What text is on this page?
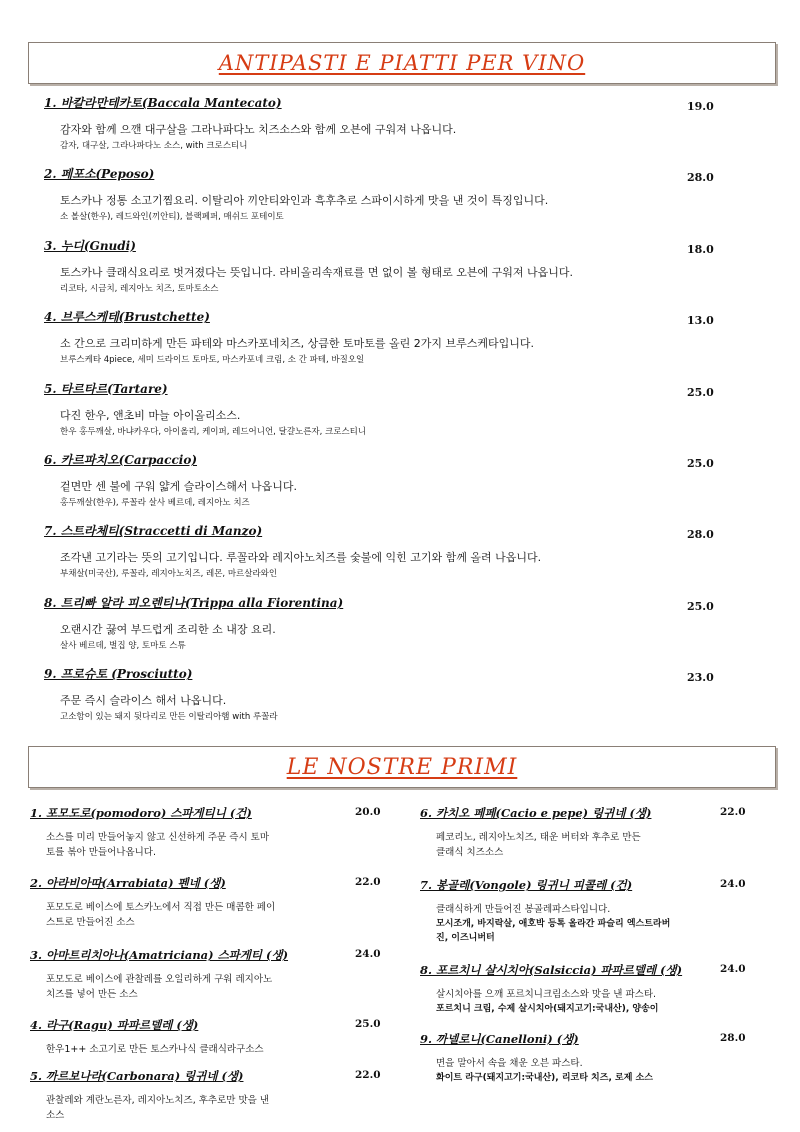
ANTIPASTI E PIATTI PER VINO
1. 바칼라만테카토(Baccala Mantecato)	19.0
감자와 함께 으깬 대구살을 그라나파다노 치즈소스와 함께 오븐에 구워져 나옵니다.
감자, 대구살, 그라나파다노 소스, with 크로스티니
2. 페포소(Peposo)	28.0
토스카나 정통 소고기찜요리. 이탈리아 끼안티와인과 흑후추로 스파이시하게 맛을 낸 것이 특징입니다.
소 볼살(한우), 레드와인(끼안티), 블랙페퍼, 매쉬드 포테이토
3. 누디(Gnudi)	18.0
토스카나 클래식요리로 벗겨졌다는 뜻입니다. 라비올리속재료를 면 없이 볼 형태로 오븐에 구워져 나옵니다.
리코타, 시금치, 레지아노 치즈, 토마토소스
4. 브루스케테(Brustchette)	13.0
소 간으로 크리미하게 만든 파테와 마스카포네치즈, 상큼한 토마토를 올린 2가지 브루스케타입니다.
브루스케타 4piece, 세미 드라이드 토마토, 마스카포네 크림, 소 간 파테, 바질오일
5. 타르타르(Tartare)	25.0
다진 한우, 앤초비 마늘 아이올리소스.
한우 홍두깨살, 바냐카우다, 아이올리, 케이퍼, 레드어니언, 달걀노른자, 크로스티니
6. 카르파치오(Carpaccio)	25.0
겉면만 센 불에 구워 얇게 슬라이스해서 나옵니다.
홍두깨살(한우), 루꼴라 살사 베르데, 레지아노 치즈
7. 스트라체티(Straccetti di Manzo)	28.0
조각낸 고기라는 뜻의 고기입니다. 루꼴라와 레지아노치즈를 숯불에 익힌 고기와 함께 올려 나옵니다.
부채살(미국산), 루꼴라, 레지아노치즈, 레몬, 마르살라와인
8. 트리빠 알라 피오렌티나(Trippa alla Fiorentina)	25.0
오랜시간 끓여 부드럽게 조리한 소 내장 요리.
살사 베르데, 벌집 양, 토마토 스튜
9. 프로슈토 (Prosciutto)	23.0
주문 즉시 슬라이스 해서 나옵니다.
고소함이 있는 돼지 뒷다리로 만든 이탈리아햄 with 루꼴라
LE NOSTRE PRIMI
1. 포모도로(pomodoro) 스파게티니 (건)	20.0
소스를 미리 만들어놓지 않고 신선하게 주문 즉시 토마
토를 볶아 만들어나옵니다.
2. 아라비아따(Arrabiata) 펜네 (생)	22.0
포모도로 베이스에 토스카노에서 직접 만든 매콤한 페이
스트로 만들어진 소스
3. 아마트리치아나(Amatriciana) 스파게티 (생)	24.0
포모도로 베이스에 관찰레를 오일리하게 구워 레지아노
치즈를 넣어 만든 소스
4. 라구(Ragu) 파파르델레 (생)	25.0
한우1++ 소고기로 만든 토스카나식 클래식라구소스
5. 까르보나라(Carbonara) 링귀네 (생)	22.0
관찰레와 계란노른자, 레지아노치즈, 후추로만 맛을 낸
소스
6. 카치오 페페(Cacio e pepe) 링귀네 (생)	22.0
페코리노, 레지아노치즈, 태운 버터와 후추로 만든
클래식 치즈소스
7. 봉골레(Vongole) 링귀니 피콜레 (건)	24.0
클래식하게 만들어진 봉골레파스타입니다.
모시조개, 바지락살, 애호박 등톡 올라간 파슬리 엑스트라버
진, 이즈니버터
8. 포르치니 살시치아(Salsiccia) 파파르델레 (생)	24.0
살시치아를 으깨 포르치니크림소스와 맛을 낸 파스타.
포르치니 크림, 수제 살시치아(돼지고기:국내산), 양송이
9. 까넬로니(Canelloni) (생)	28.0
면을 말아서 속을 채운 오븐 파스타.
화이트 라구(돼지고기:국내산), 리코타 치즈, 로제 소스
